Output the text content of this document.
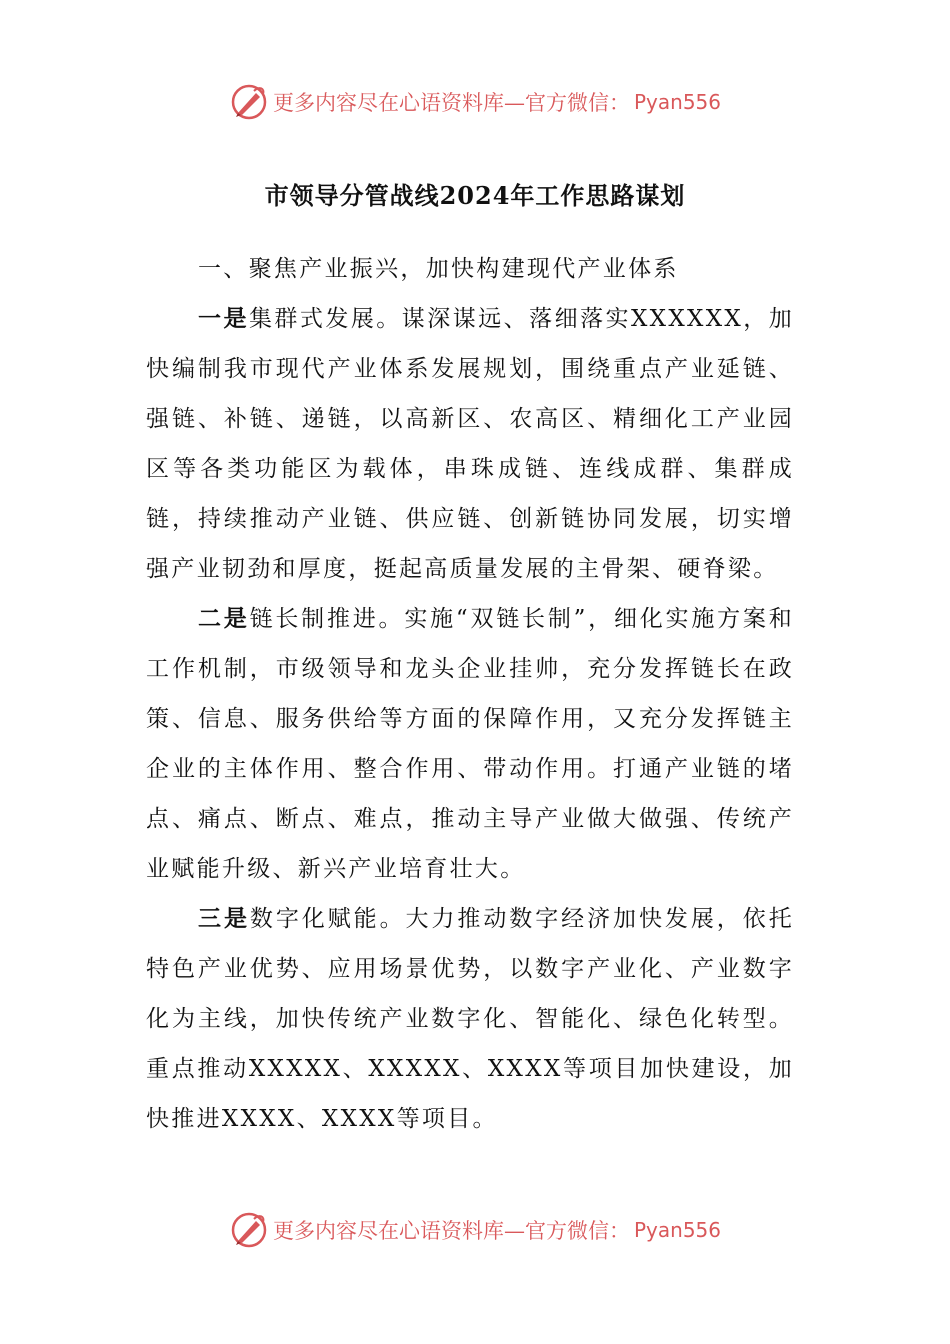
更多内容尽在心语资料库—官方微信： Pyan556
市领导分管战线2024年工作思路谋划

一、聚焦产业振兴，加快构建现代产业体系

一是集群式发展。谋深谋远、落细落实XXXXXX，加快编制我市现代产业体系发展规划，围绕重点产业延链、强链、补链、递链，以高新区、农高区、精细化工产业园区等各类功能区为载体，串珠成链、连线成群、集群成链，持续推动产业链、供应链、创新链协同发展，切实增强产业韧劲和厚度，挺起高质量发展的主骨架、硬脊梁。

二是链长制推进。实施“双链长制”，细化实施方案和工作机制，市级领导和龙头企业挂帅，充分发挥链长在政策、信息、服务供给等方面的保障作用，又充分发挥链主企业的主体作用、整合作用、带动作用。打通产业链的堵点、痛点、断点、难点，推动主导产业做大做强、传统产业赋能升级、新兴产业培育壮大。

三是数字化赋能。大力推动数字经济加快发展，依托特色产业优势、应用场景优势，以数字产业化、产业数字化为主线，加快传统产业数字化、智能化、绿色化转型。重点推动XXXXX、XXXXX、XXXX等项目加快建设，加快推进XXXX、XXXX等项目。

更多内容尽在心语资料库—官方微信： Pyan556
